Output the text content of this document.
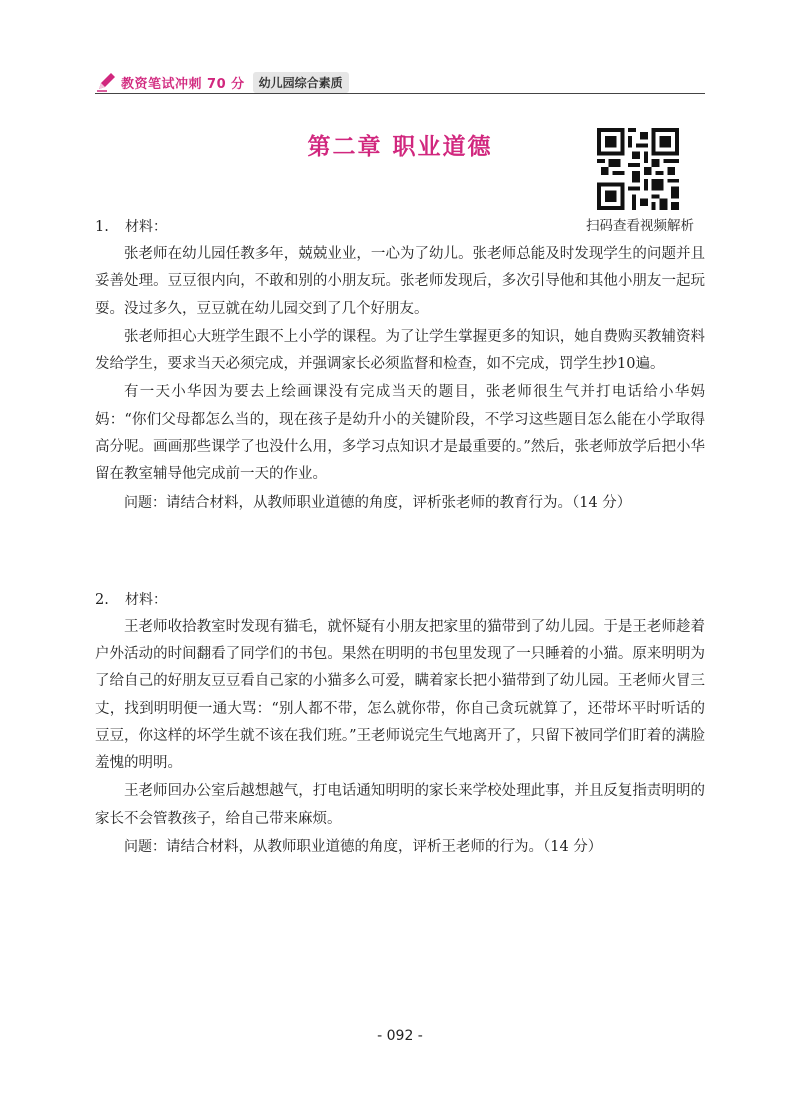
教资笔试冲刺 70 分	幼儿园综合素质
第二章 职业道德
扫码查看视频解析
1. 材料：

张老师在幼儿园任教多年，兢兢业业，一心为了幼儿。张老师总能及时发现学生的问题并且妥善处理。豆豆很内向，不敢和别的小朋友玩。张老师发现后，多次引导他和其他小朋友一起玩耍。没过多久，豆豆就在幼儿园交到了几个好朋友。

张老师担心大班学生跟不上小学的课程。为了让学生掌握更多的知识，她自费购买教辅资料发给学生，要求当天必须完成，并强调家长必须监督和检查，如不完成，罚学生抄10遍。

有一天小华因为要去上绘画课没有完成当天的题目，张老师很生气并打电话给小华妈妈：“你们父母都怎么当的，现在孩子是幼升小的关键阶段，不学习这些题目怎么能在小学取得高分呢。画画那些课学了也没什么用，多学习点知识才是最重要的。”然后，张老师放学后把小华留在教室辅导他完成前一天的作业。

问题：请结合材料，从教师职业道德的角度，评析张老师的教育行为。（14 分）

2. 材料：

王老师收拾教室时发现有猫毛，就怀疑有小朋友把家里的猫带到了幼儿园。于是王老师趁着户外活动的时间翻看了同学们的书包。果然在明明的书包里发现了一只睡着的小猫。原来明明为了给自己的好朋友豆豆看自己家的小猫多么可爱，瞒着家长把小猫带到了幼儿园。王老师火冒三丈，找到明明便一通大骂：“别人都不带，怎么就你带，你自己贪玩就算了，还带坏平时听话的豆豆，你这样的坏学生就不该在我们班。”王老师说完生气地离开了，只留下被同学们盯着的满脸羞愧的明明。

王老师回办公室后越想越气，打电话通知明明的家长来学校处理此事，并且反复指责明明的家长不会管教孩子，给自己带来麻烦。

问题：请结合材料，从教师职业道德的角度，评析王老师的行为。（14 分）

- 092 -
